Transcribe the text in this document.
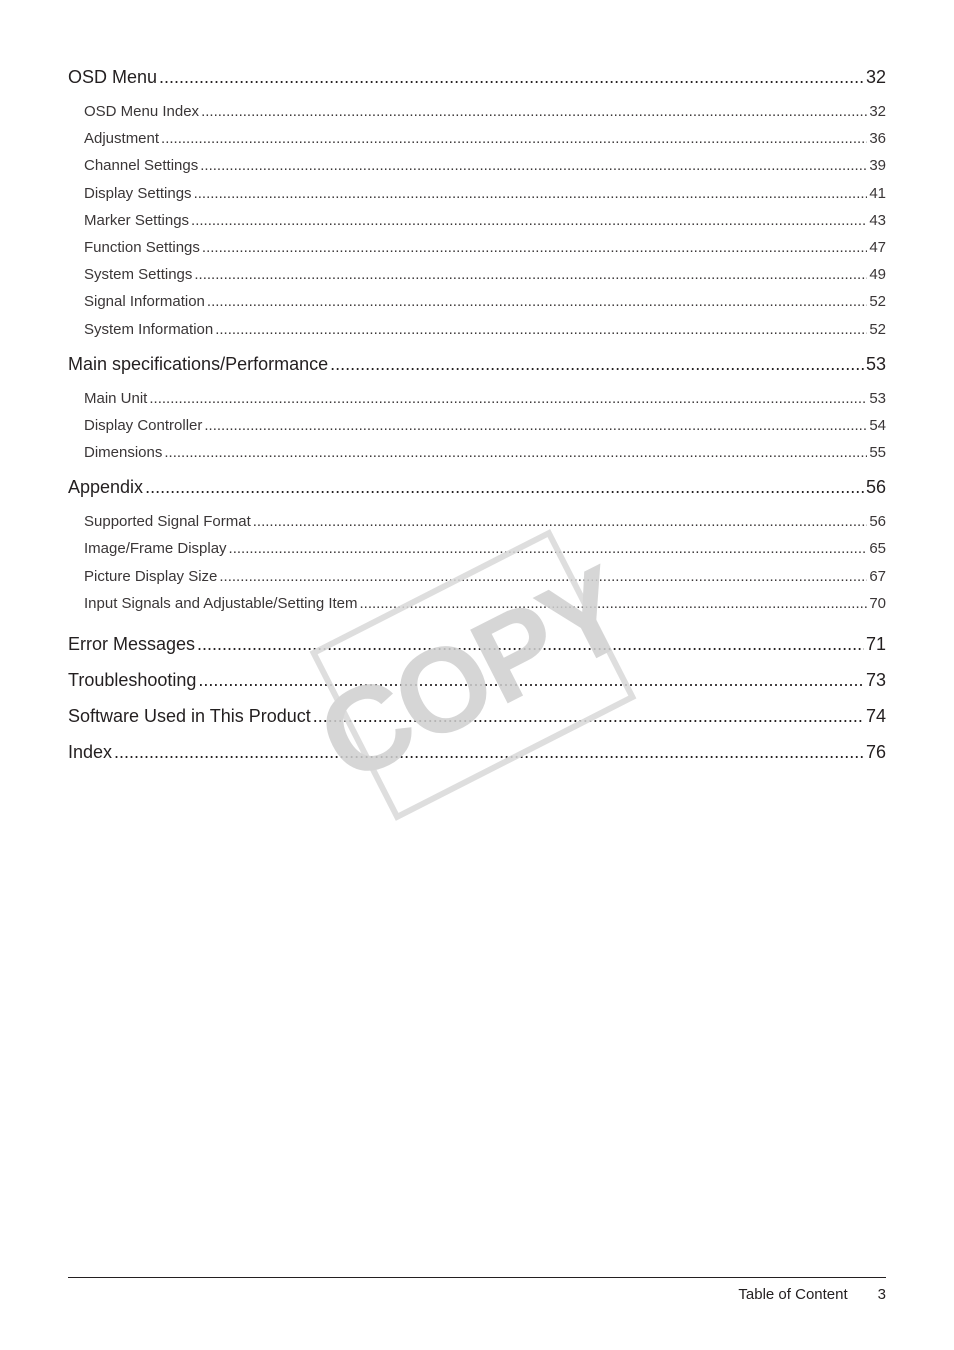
OSD Menu .....	32
OSD Menu Index .....	32
Adjustment .....	36
Channel Settings .....	39
Display Settings .....	41
Marker Settings .....	43
Function Settings .....	47
System Settings .....	49
Signal Information .....	52
System Information .....	52
Main specifications/Performance .....	53
Main Unit .....	53
Display Controller .....	54
Dimensions .....	55
Appendix .....	56
Supported Signal Format .....	56
Image/Frame Display .....	65
Picture Display Size .....	67
Input Signals and Adjustable/Setting Item .....	70
Error Messages .....	71
Troubleshooting .....	73
Software Used in This Product .....	74
Index .....	76
COPY
Table of Content 3
